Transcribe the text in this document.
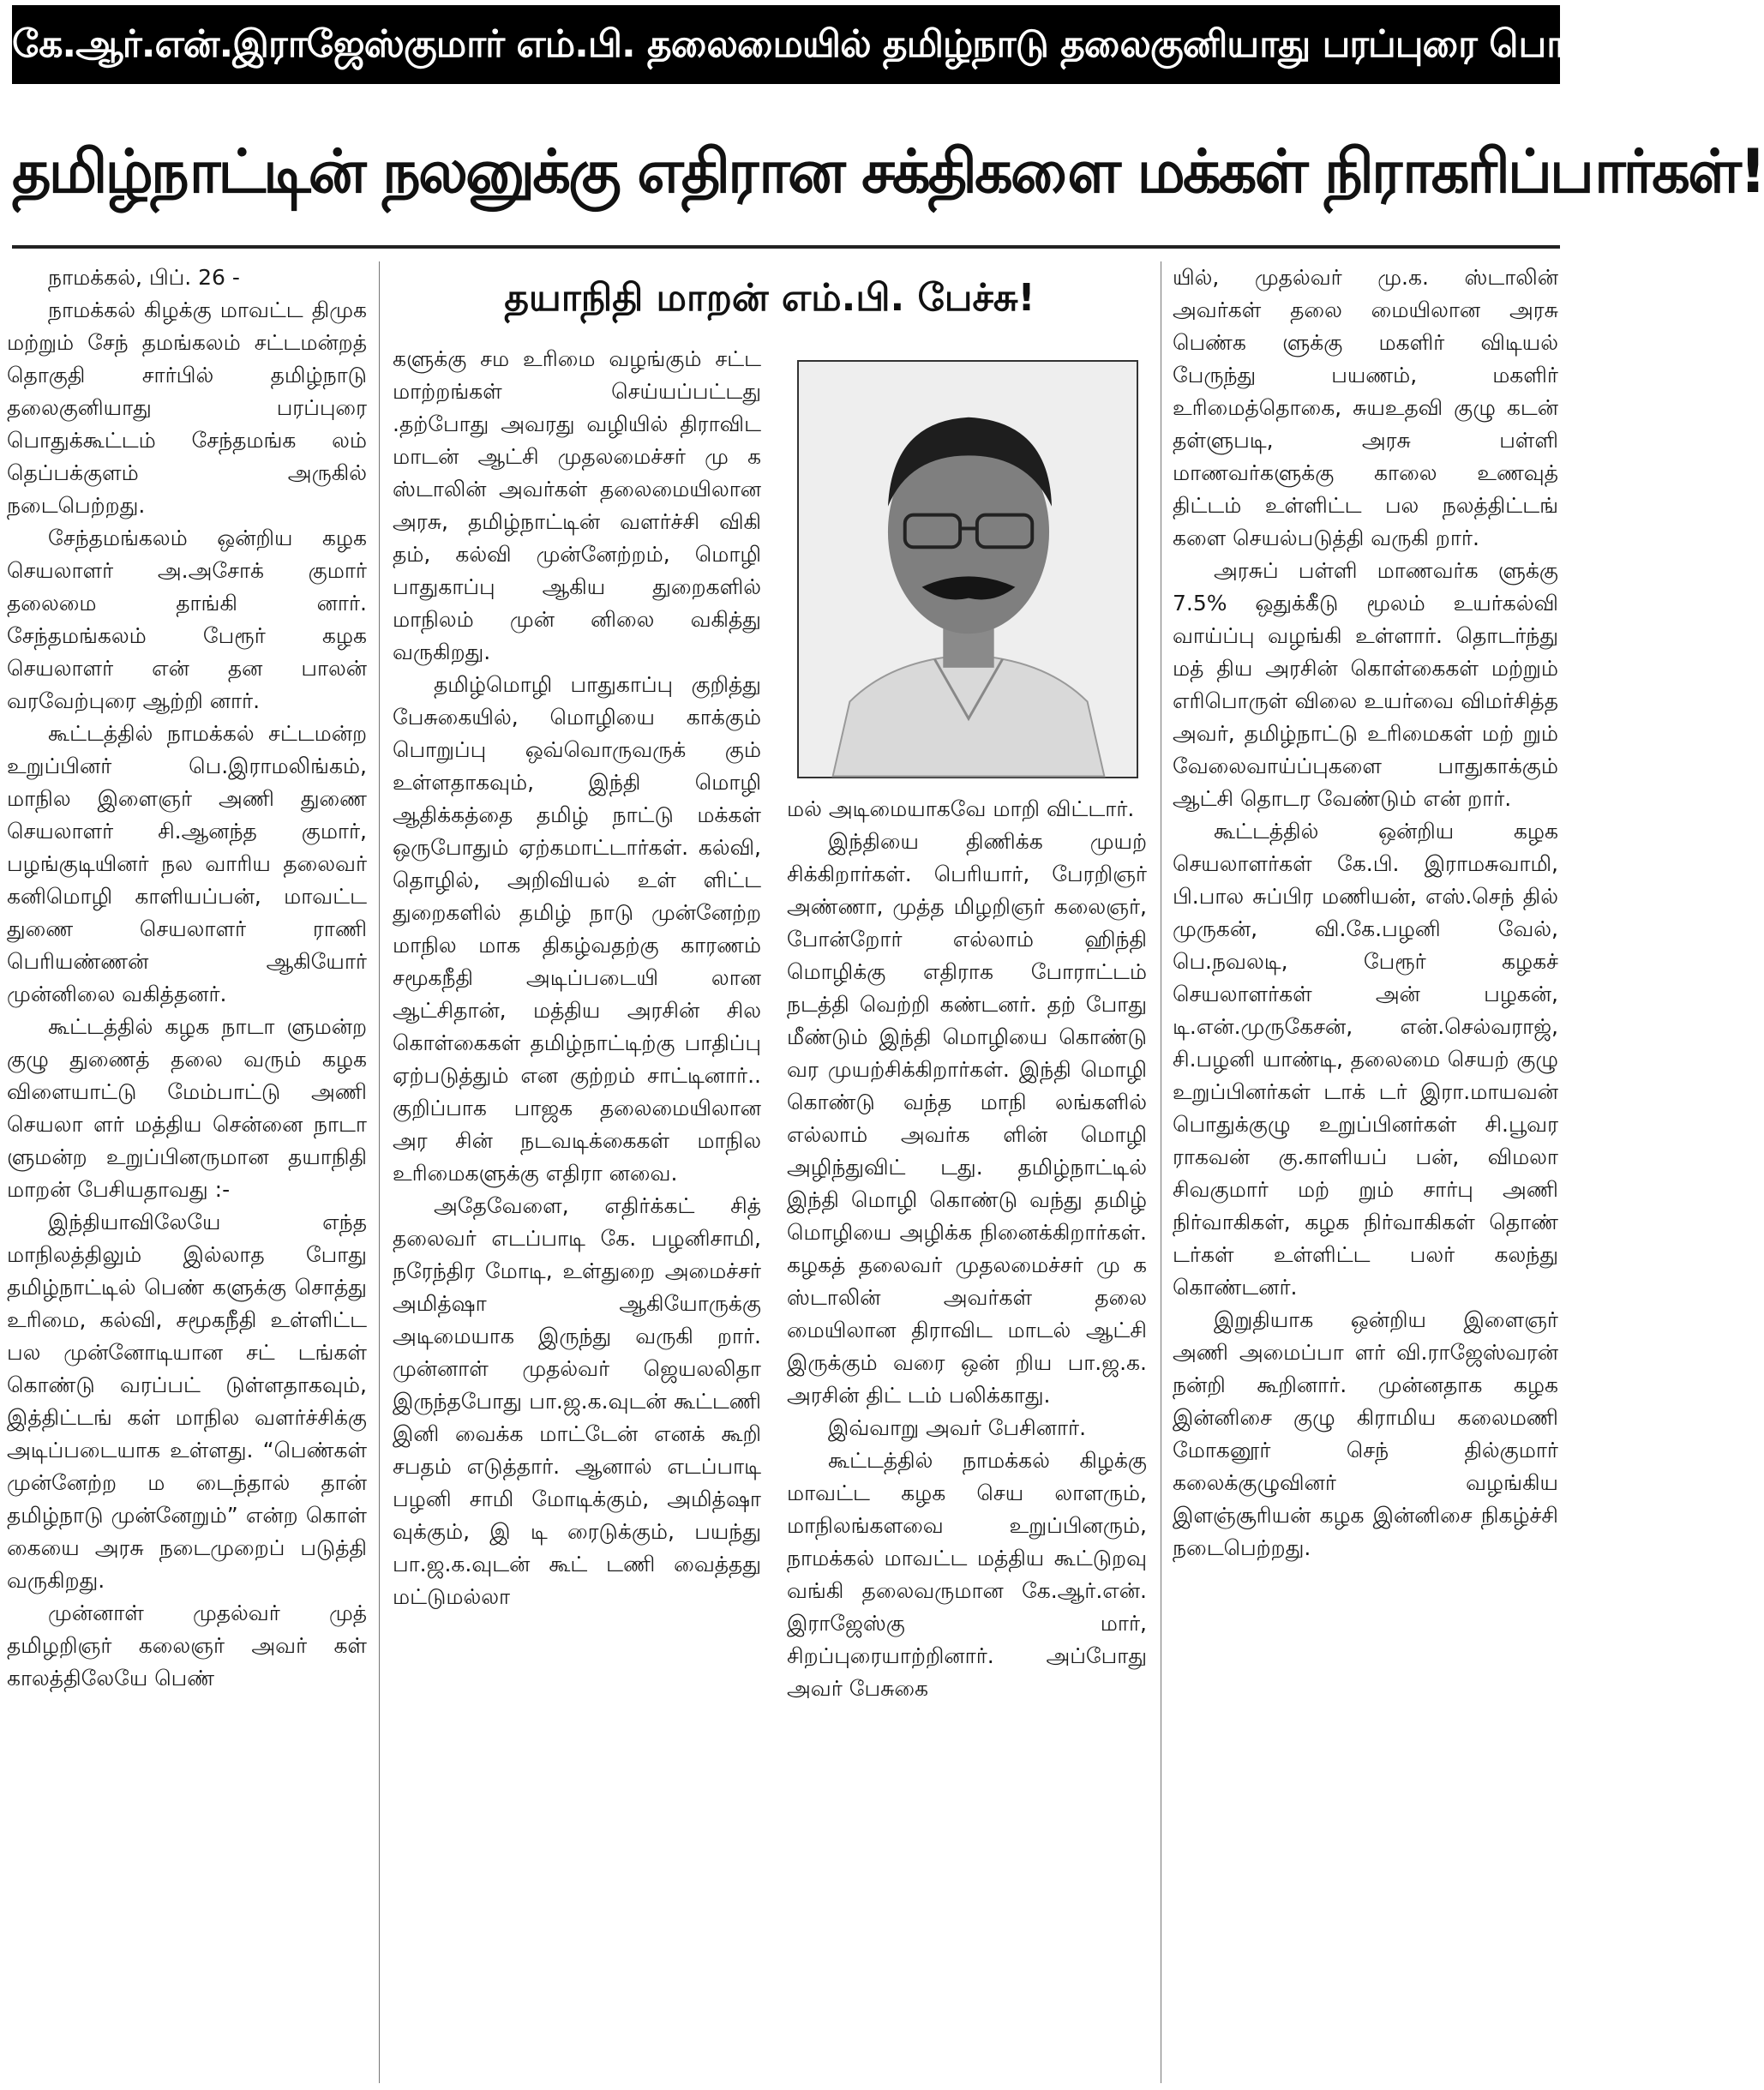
கே.ஆர்.என்.இராஜேஸ்குமார் எம்.பி. தலைமையில் தமிழ்நாடு தலைகுனியாது பரப்புரை பொதுக்கூட்டம்!
தமிழ்நாட்டின் நலனுக்கு எதிரான சக்திகளை மக்கள் நிராகரிப்பார்கள்!
தயாநிதி மாறன் எம்.பி. பேச்சு!

நாமக்கல், பிப். 26 -

நாமக்கல் கிழக்கு மாவட்ட திமுக மற்றும் சேந் தமங்கலம் சட்டமன்றத் தொகுதி சார்பில் தமிழ்நாடு தலைகுனியாது பரப்புரை பொதுக்கூட்டம் சேந்தமங்க லம் தெப்பக்குளம் அருகில் நடைபெற்றது.

சேந்தமங்கலம் ஒன்றிய கழக செயலாளர் அ.அசோக் குமார் தலைமை தாங்கி னார். சேந்தமங்கலம் பேரூர் கழக செயலாளர் என் தன பாலன் வரவேற்புரை ஆற்றி னார்.

கூட்டத்தில் நாமக்கல் சட்டமன்ற உறுப்பினர் பெ.இராமலிங்கம், மாநில இளைஞர் அணி துணை செயலாளர் சி.ஆனந்த குமார், பழங்குடியினர் நல வாரிய தலைவர் கனிமொழி காளியப்பன், மாவட்ட துணை செயலாளர் ராணி பெரியண்ணன் ஆகியோர் முன்னிலை வகித்தனர்.

கூட்டத்தில் கழக நாடா ளுமன்ற குழு துணைத் தலை வரும் கழக விளையாட்டு மேம்பாட்டு அணி செயலா ளர் மத்திய சென்னை நாடா ளுமன்ற உறுப்பினருமான தயாநிதி மாறன் பேசியதாவது :-

இந்தியாவிலேயே எந்த மாநிலத்திலும் இல்லாத போது தமிழ்நாட்டில் பெண் களுக்கு சொத்து உரிமை, கல்வி, சமூகநீதி உள்ளிட்ட பல முன்னோடியான சட் டங்கள் கொண்டு வரப்பட் டுள்ளதாகவும், இத்திட்டங் கள் மாநில வளர்ச்சிக்கு அடிப்படையாக உள்ளது. “பெண்கள் முன்னேற்ற ம டைந்தால் தான் தமிழ்நாடு முன்னேறும்” என்ற கொள் கையை அரசு நடைமுறைப் படுத்தி வருகிறது.

முன்னாள் முதல்வர் முத் தமிழறிஞர் கலைஞர் அவர் கள் காலத்திலேயே பெண்

களுக்கு சம உரிமை வழங்கும் சட்ட மாற்றங்கள் செய்யப்பட்டது .தற்போது அவரது வழியில் திராவிட மாடன் ஆட்சி முதலமைச்சர் மு க ஸ்டாலின் அவர்கள் தலைமையிலான அரசு, தமிழ்நாட்டின் வளர்ச்சி விகி தம், கல்வி முன்னேற்றம், மொழி பாதுகாப்பு ஆகிய துறைகளில் மாநிலம் முன் னிலை வகித்து வருகிறது.

தமிழ்மொழி பாதுகாப்பு குறித்து பேசுகையில், மொழியை காக்கும் பொறுப்பு ஒவ்வொருவருக் கும் உள்ளதாகவும், இந்தி மொழி ஆதிக்கத்தை தமிழ் நாட்டு மக்கள் ஒருபோதும் ஏற்கமாட்டார்கள். கல்வி, தொழில், அறிவியல் உள் ளிட்ட துறைகளில் தமிழ் நாடு முன்னேற்ற மாநில மாக திகழ்வதற்கு காரணம் சமூகநீதி அடிப்படையி லான ஆட்சிதான், மத்திய அரசின் சில கொள்கைகள் தமிழ்நாட்டிற்கு பாதிப்பு ஏற்படுத்தும் என குற்றம் சாட்டினார்.. குறிப்பாக பாஜக தலைமையிலான அர சின் நடவடிக்கைகள் மாநில உரிமைகளுக்கு எதிரா னவை.

அதேவேளை, எதிர்க்கட் சித் தலைவர் எடப்பாடி கே. பழனிசாமி, நரேந்திர மோடி, உள்துறை அமைச்சர் அமித்ஷா ஆகியோருக்கு அடிமையாக இருந்து வருகி றார். முன்னாள் முதல்வர் ஜெயலலிதா இருந்தபோது பா.ஜ.க.வுடன் கூட்டணி இனி வைக்க மாட்டேன் எனக் கூறி சபதம் எடுத்தார். ஆனால் எடப்பாடி பழனி சாமி மோடிக்கும், அமித்ஷா வுக்கும், இ டி ரைடுக்கும், பயந்து பா.ஜ.க.வுடன் கூட் டணி வைத்தது மட்டுமல்லா

மல் அடிமையாகவே மாறி விட்டார்.

இந்தியை திணிக்க முயற் சிக்கிறார்கள். பெரியார், பேரறிஞர் அண்ணா, முத்த மிழறிஞர் கலைஞர், போன்றோர் எல்லாம் ஹிந்தி மொழிக்கு எதிராக போராட்டம் நடத்தி வெற்றி கண்டனர். தற் போது மீண்டும் இந்தி மொழியை கொண்டு வர முயற்சிக்கிறார்கள். இந்தி மொழி கொண்டு வந்த மாநி லங்களில் எல்லாம் அவர்க ளின் மொழி அழிந்துவிட் டது. தமிழ்நாட்டில் இந்தி மொழி கொண்டு வந்து தமிழ் மொழியை அழிக்க நினைக்கிறார்கள். கழகத் தலைவர் முதலமைச்சர் மு க ஸ்டாலின் அவர்கள் தலை மையிலான திராவிட மாடல் ஆட்சி இருக்கும் வரை ஒன் றிய பா.ஜ.க. அரசின் திட் டம் பலிக்காது.

இவ்வாறு அவர் பேசினார்.

கூட்டத்தில் நாமக்கல் கிழக்கு மாவட்ட கழக செய லாளரும், மாநிலங்களவை உறுப்பினரும், நாமக்கல் மாவட்ட மத்திய கூட்டுறவு வங்கி தலைவருமான கே.ஆர்.என். இராஜேஸ்கு மார், சிறப்புரையாற்றினார். அப்போது அவர் பேசுகை

யில், முதல்வர் மு.க. ஸ்டாலின் அவர்கள் தலை மையிலான அரசு பெண்க ளுக்கு மகளிர் விடியல் பேருந்து பயணம், மகளிர் உரிமைத்தொகை, சுயஉதவி குழு கடன் தள்ளுபடி, அரசு பள்ளி மாணவர்களுக்கு காலை உணவுத் திட்டம் உள்ளிட்ட பல நலத்திட்டங் களை செயல்படுத்தி வருகி றார்.

அரசுப் பள்ளி மாணவர்க ளுக்கு 7.5% ஒதுக்கீடு மூலம் உயர்கல்வி வாய்ப்பு வழங்கி உள்ளார். தொடர்ந்து மத் திய அரசின் கொள்கைகள் மற்றும் எரிபொருள் விலை உயர்வை விமர்சித்த அவர், தமிழ்நாட்டு உரிமைகள் மற் றும் வேலைவாய்ப்புகளை பாதுகாக்கும் ஆட்சி தொடர வேண்டும் என் றார்.

கூட்டத்தில் ஒன்றிய கழக செயலாளர்கள் கே.பி. இராமசுவாமி, பி.பால சுப்பிர மணியன், எஸ்.செந் தில் முருகன், வி.கே.பழனி வேல், பெ.நவலடி, பேரூர் கழகச் செயலாளர்கள் அன் பழகன், டி.என்.முருகேசன், என்.செல்வராஜ், சி.பழனி யாண்டி, தலைமை செயற் குழு உறுப்பினர்கள் டாக் டர் இரா.மாயவன் பொதுக்குழு உறுப்பினர்கள் சி.பூவர ராகவன் கு.காளியப் பன், விமலா சிவகுமார் மற் றும் சார்பு அணி நிர்வாகிகள், கழக நிர்வாகிகள் தொண் டர்கள் உள்ளிட்ட பலர் கலந்து கொண்டனர்.

இறுதியாக ஒன்றிய இளைஞர் அணி அமைப்பா ளர் வி.ராஜேஸ்வரன் நன்றி கூறினார். முன்னதாக கழக இன்னிசை குழு கிராமிய கலைமணி மோகனூர் செந் தில்குமார் கலைக்குழுவினர் வழங்கிய இளஞ்சூரியன் கழக இன்னிசை நிகழ்ச்சி நடைபெற்றது.
